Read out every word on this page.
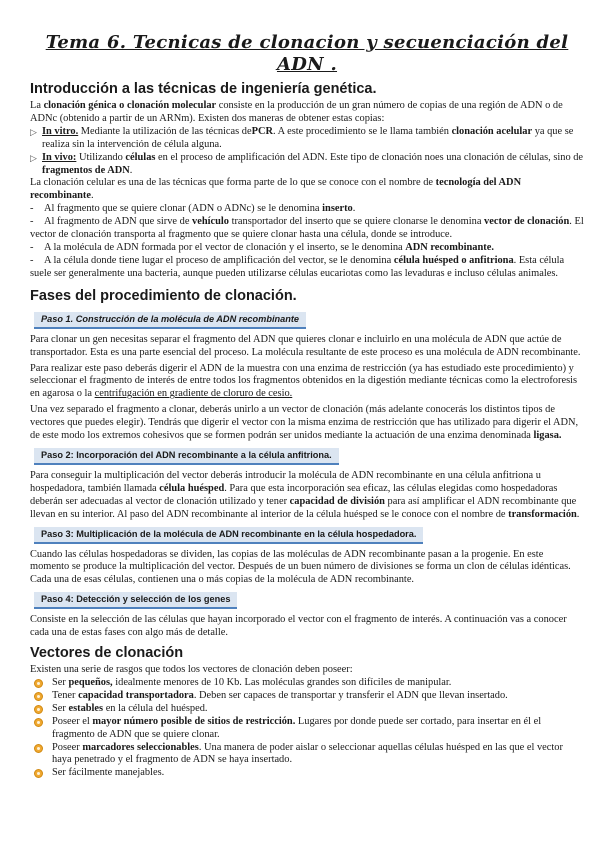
Tema 6. Tecnicas de clonacion y secuenciación del ADN .
Introducción a las técnicas de ingeniería genética.

La clonación génica o clonación molecular consiste en la producción de un gran número de copias de una región de ADN o de ADNc (obtenido a partir de un ARNm). Existen dos maneras de obtener estas copias:

▷ In vitro. Mediante la utilización de las técnicas dePCR. A este procedimiento se le llama también clonación acelular ya que se realiza sin la intervención de célula alguna.
▷ In vivo: Utilizando células en el proceso de amplificación del ADN. Este tipo de clonación noes una clonación de células, sino de fragmentos de ADN.

La clonación celular es una de las técnicas que forma parte de lo que se conoce con el nombre de tecnología del ADN recombinante.

- Al fragmento que se quiere clonar (ADN o ADNc) se le denomina inserto.
- Al fragmento de ADN que sirve de vehículo transportador del inserto que se quiere clonarse le denomina vector de clonación. El vector de clonación transporta al fragmento que se quiere clonar hasta una célula, donde se introduce.
- A la molécula de ADN formada por el vector de clonación y el inserto, se le denomina ADN recombinante.
- A la célula donde tiene lugar el proceso de amplificación del vector, se le denomina célula huésped o anfitriona. Esta célula suele ser generalmente una bacteria, aunque pueden utilizarse células eucariotas como las levaduras e incluso células animales.
Fases del procedimiento de clonación.
Paso 1. Construcción de la molécula de ADN recombinante

Para clonar un gen necesitas separar el fragmento del ADN que quieres clonar e incluirlo en una molécula de ADN que actúe de transportador. Esta es una parte esencial del proceso. La molécula resultante de este proceso es una molécula de ADN recombinante.

Para realizar este paso deberás digerir el ADN de la muestra con una enzima de restricción (ya has estudiado este procedimiento) y seleccionar el fragmento de interés de entre todos los fragmentos obtenidos en la digestión mediante técnicas como la electroforesis en agarosa o la centrifugación en gradiente de cloruro de cesio.

Una vez separado el fragmento a clonar, deberás unirlo a un vector de clonación (más adelante conocerás los distintos tipos de vectores que puedes elegir). Tendrás que digerir el vector con la misma enzima de restricción que has utilizado para digerir el ADN, de este modo los extremos cohesivos que se formen podrán ser unidos mediante la actuación de una enzima denominada ligasa.

Paso 2: Incorporación del ADN recombinante a la célula anfitriona.

Para conseguir la multiplicación del vector deberás introducir la molécula de ADN recombinante en una célula anfitriona u hospedadora, también llamada célula huésped. Para que esta incorporación sea eficaz, las células elegidas como hospedadoras deberán ser adecuadas al vector de clonación utilizado y tener capacidad de división para así amplificar el ADN recombinante que llevan en su interior. Al paso del ADN recombinante al interior de la célula huésped se le conoce con el nombre de transformación.

Paso 3: Multiplicación de la molécula de ADN recombinante en la célula hospedadora.

Cuando las células hospedadoras se dividen, las copias de las moléculas de ADN recombinante pasan a la progenie. En este momento se produce la multiplicación del vector. Después de un buen número de divisiones se forma un clon de células idénticas. Cada una de esas células, contienen una o más copias de la molécula de ADN recombinante.

Paso 4: Detección y selección de los genes

Consiste en la selección de las células que hayan incorporado el vector con el fragmento de interés. A continuación vas a conocer cada una de estas fases con algo más de detalle.

Vectores de clonación

Existen una serie de rasgos que todos los vectores de clonación deben poseer:

Ser pequeños, idealmente menores de 10 Kb. Las moléculas grandes son difíciles de manipular.
Tener capacidad transportadora. Deben ser capaces de transportar y transferir el ADN que llevan insertado.
Ser estables en la célula del huésped.
Poseer el mayor número posible de sitios de restricción. Lugares por donde puede ser cortado, para insertar en él el fragmento de ADN que se quiere clonar.
Poseer marcadores seleccionables. Una manera de poder aislar o seleccionar aquellas células huésped en las que el vector haya penetrado y el fragmento de ADN se haya insertado.
Ser fácilmente manejables.
